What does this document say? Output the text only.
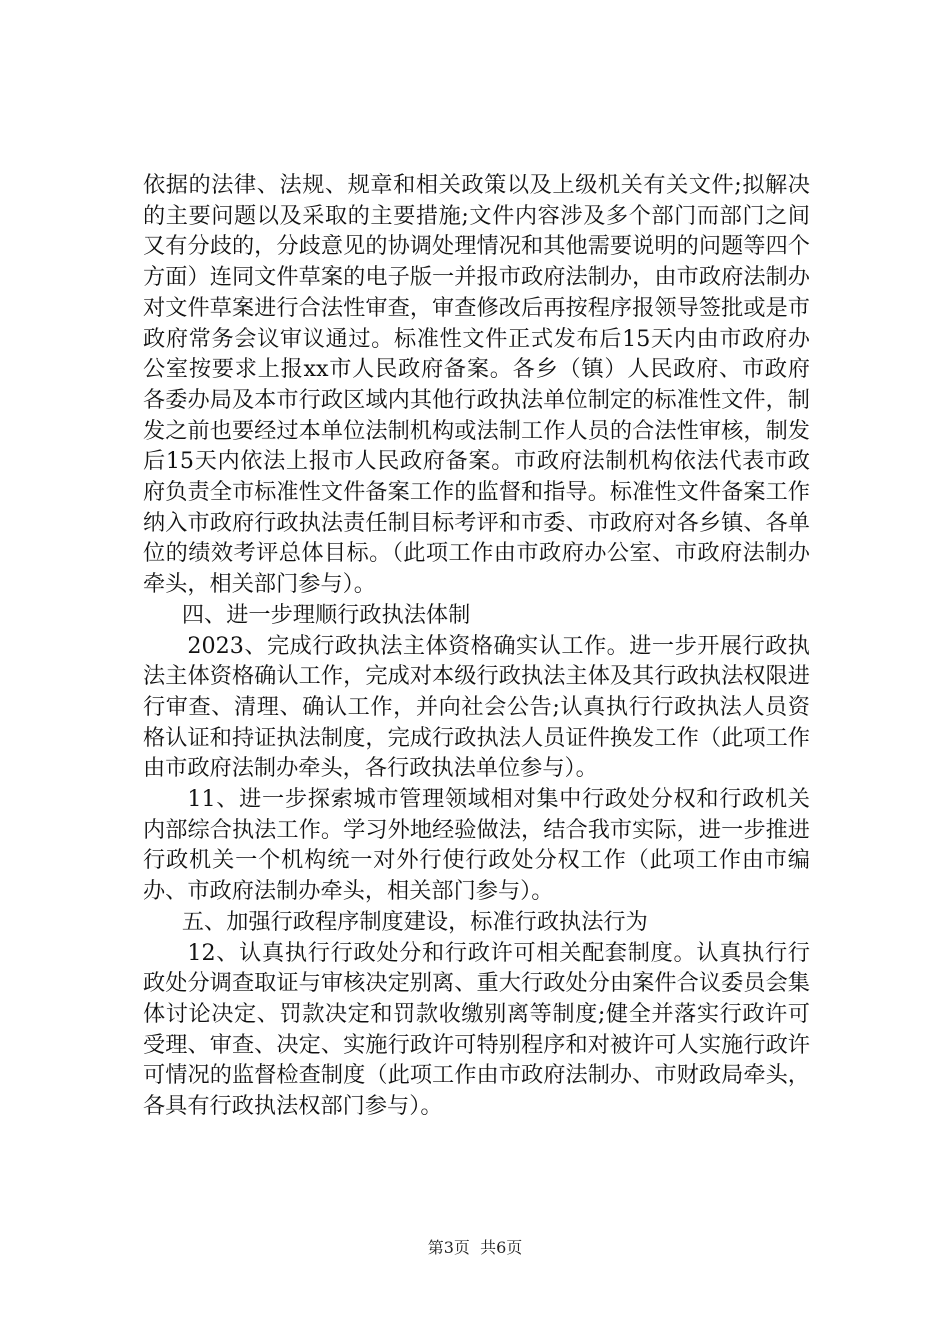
依据的法律、法规、规章和相关政策以及上级机关有关文件;拟解决的主要问题以及采取的主要措施;文件内容涉及多个部门而部门之间又有分歧的，分歧意见的协调处理情况和其他需要说明的问题等四个方面）连同文件草案的电子版一并报市政府法制办，由市政府法制办对文件草案进行合法性审查，审查修改后再按程序报领导签批或是市政府常务会议审议通过。标准性文件正式发布后15天内由市政府办公室按要求上报xx市人民政府备案。各乡（镇）人民政府、市政府各委办局及本市行政区域内其他行政执法单位制定的标准性文件，制发之前也要经过本单位法制机构或法制工作人员的合法性审核，制发后15天内依法上报市人民政府备案。市政府法制机构依法代表市政府负责全市标准性文件备案工作的监督和指导。标准性文件备案工作纳入市政府行政执法责任制目标考评和市委、市政府对各乡镇、各单位的绩效考评总体目标。（此项工作由市政府办公室、市政府法制办牵头，相关部门参与）。

四、进一步理顺行政执法体制

2023、完成行政执法主体资格确实认工作。进一步开展行政执法主体资格确认工作，完成对本级行政执法主体及其行政执法权限进行审查、清理、确认工作，并向社会公告;认真执行行政执法人员资格认证和持证执法制度，完成行政执法人员证件换发工作（此项工作由市政府法制办牵头，各行政执法单位参与）。

11、进一步探索城市管理领域相对集中行政处分权和行政机关内部综合执法工作。学习外地经验做法，结合我市实际，进一步推进行政机关一个机构统一对外行使行政处分权工作（此项工作由市编办、市政府法制办牵头，相关部门参与）。

五、加强行政程序制度建设，标准行政执法行为

12、认真执行行政处分和行政许可相关配套制度。认真执行行政处分调查取证与审核决定别离、重大行政处分由案件合议委员会集体讨论决定、罚款决定和罚款收缴别离等制度;健全并落实行政许可受理、审查、决定、实施行政许可特别程序和对被许可人实施行政许可情况的监督检查制度（此项工作由市政府法制办、市财政局牵头，各具有行政执法权部门参与）。

第3页 共6页
